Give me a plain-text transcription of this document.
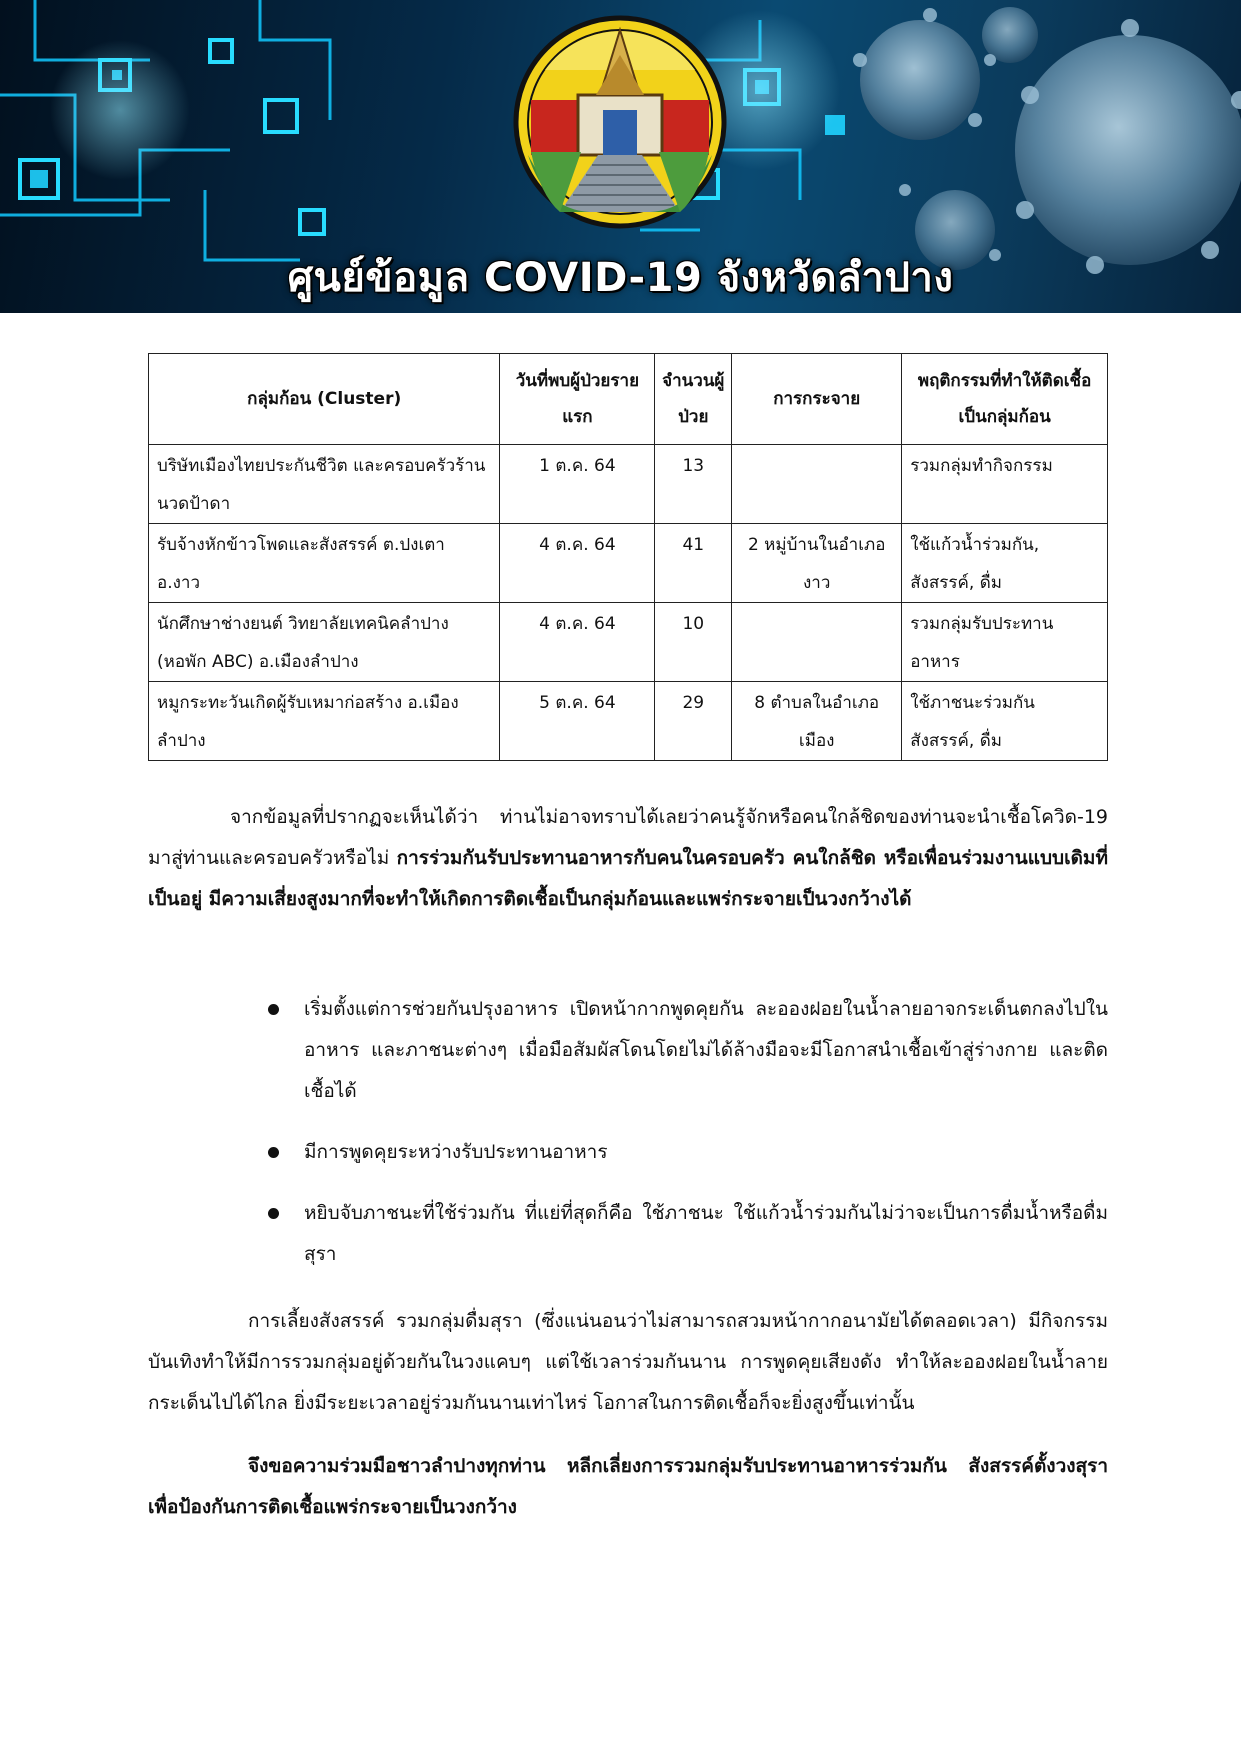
ศูนย์ข้อมูล COVID-19 จังหวัดลำปาง
กลุ่มก้อน (Cluster)	วันที่พบผู้ป่วยรายแรก	จำนวนผู้ป่วย	การกระจาย	พฤติกรรมที่ทำให้ติดเชื้อเป็นกลุ่มก้อน
บริษัทเมืองไทยประกันชีวิต และครอบครัวร้านนวดป้าดา	1 ต.ค. 64	13		รวมกลุ่มทำกิจกรรม
รับจ้างหักข้าวโพดและสังสรรค์ ต.ปงเตา อ.งาว	4 ต.ค. 64	41	2 หมู่บ้านในอำเภองาว	ใช้แก้วน้ำร่วมกัน, สังสรรค์, ดื่ม
นักศึกษาช่างยนต์ วิทยาลัยเทคนิคลำปาง (หอพัก ABC) อ.เมืองลำปาง	4 ต.ค. 64	10		รวมกลุ่มรับประทานอาหาร
หมูกระทะวันเกิดผู้รับเหมาก่อสร้าง อ.เมืองลำปาง	5 ต.ค. 64	29	8 ตำบลในอำเภอเมือง	ใช้ภาชนะร่วมกัน สังสรรค์, ดื่ม
จากข้อมูลที่ปรากฏจะเห็นได้ว่า ท่านไม่อาจทราบได้เลยว่าคนรู้จักหรือคนใกล้ชิดของท่านจะนำเชื้อโควิด-19 มาสู่ท่านและครอบครัวหรือไม่ การร่วมกันรับประทานอาหารกับคนในครอบครัว คนใกล้ชิด หรือเพื่อนร่วมงานแบบเดิมที่เป็นอยู่ มีความเสี่ยงสูงมากที่จะทำให้เกิดการติดเชื้อเป็นกลุ่มก้อนและแพร่กระจายเป็นวงกว้างได้
เริ่มตั้งแต่การช่วยกันปรุงอาหาร เปิดหน้ากากพูดคุยกัน ละอองฝอยในน้ำลายอาจกระเด็นตกลงไปในอาหาร และภาชนะต่างๆ เมื่อมือสัมผัสโดนโดยไม่ได้ล้างมือจะมีโอกาสนำเชื้อเข้าสู่ร่างกาย และติดเชื้อได้
มีการพูดคุยระหว่างรับประทานอาหาร
หยิบจับภาชนะที่ใช้ร่วมกัน ที่แย่ที่สุดก็คือ ใช้ภาชนะ ใช้แก้วน้ำร่วมกันไม่ว่าจะเป็นการดื่มน้ำหรือดื่มสุรา
การเลี้ยงสังสรรค์ รวมกลุ่มดื่มสุรา (ซึ่งแน่นอนว่าไม่สามารถสวมหน้ากากอนามัยได้ตลอดเวลา) มีกิจกรรมบันเทิงทำให้มีการรวมกลุ่มอยู่ด้วยกันในวงแคบๆ แต่ใช้เวลาร่วมกันนาน การพูดคุยเสียงดัง ทำให้ละอองฝอยในน้ำลายกระเด็นไปได้ไกล ยิ่งมีระยะเวลาอยู่ร่วมกันนานเท่าไหร่ โอกาสในการติดเชื้อก็จะยิ่งสูงขึ้นเท่านั้น
จึงขอความร่วมมือชาวลำปางทุกท่าน หลีกเลี่ยงการรวมกลุ่มรับประทานอาหารร่วมกัน สังสรรค์ตั้งวงสุรา เพื่อป้องกันการติดเชื้อแพร่กระจายเป็นวงกว้าง
